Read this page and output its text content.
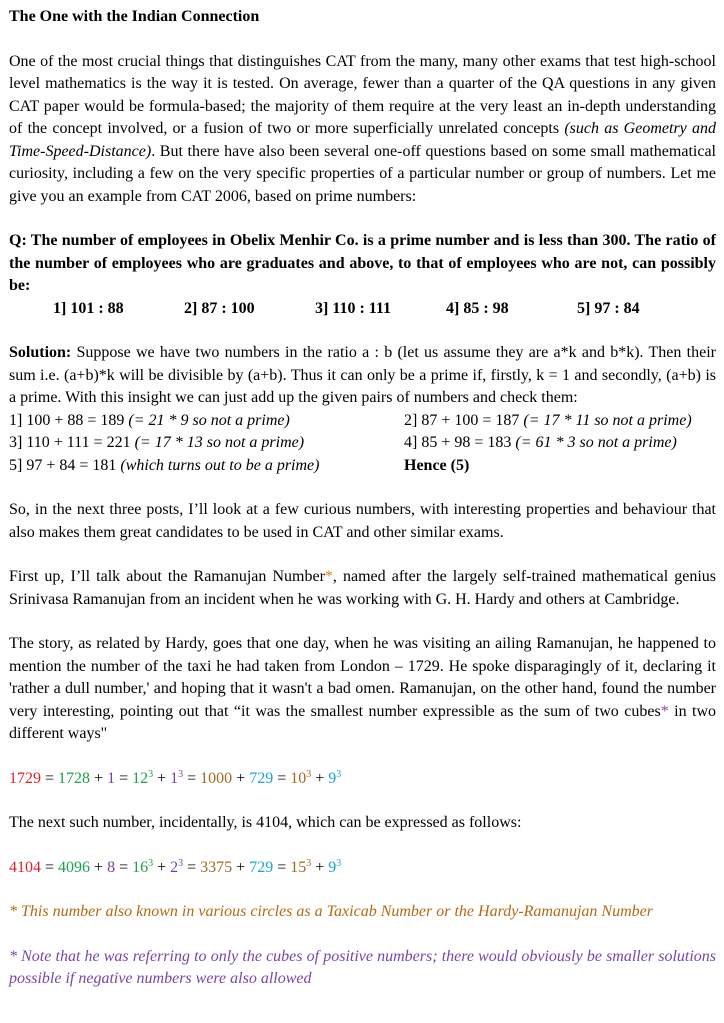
The One with the Indian Connection

One of the most crucial things that distinguishes CAT from the many, many other exams that test high-school level mathematics is the way it is tested. On average, fewer than a quarter of the QA questions in any given CAT paper would be formula-based; the majority of them require at the very least an in-depth understanding of the concept involved, or a fusion of two or more superficially unrelated concepts (such as Geometry and Time-Speed-Distance). But there have also been several one-off questions based on some small mathematical curiosity, including a few on the very specific properties of a particular number or group of numbers. Let me give you an example from CAT 2006, based on prime numbers:

Q: The number of employees in Obelix Menhir Co. is a prime number and is less than 300. The ratio of the number of employees who are graduates and above, to that of employees who are not, can possibly be:

1] 101 : 88	2] 87 : 100	3] 110 : 111	4] 85 : 98	5] 97 : 84

Solution: Suppose we have two numbers in the ratio a : b (let us assume they are a*k and b*k). Then their sum i.e. (a+b)*k will be divisible by (a+b). Thus it can only be a prime if, firstly, k = 1 and secondly, (a+b) is a prime. With this insight we can just add up the given pairs of numbers and check them:

1] 100 + 88 = 189 (= 21 * 9 so not a prime)	2] 87 + 100 = 187 (= 17 * 11 so not a prime)
3] 110 + 111 = 221 (= 17 * 13 so not a prime)	4] 85 + 98 = 183 (= 61 * 3 so not a prime)
5] 97 + 84 = 181 (which turns out to be a prime)	Hence (5)

So, in the next three posts, I’ll look at a few curious numbers, with interesting properties and behaviour that also makes them great candidates to be used in CAT and other similar exams.

First up, I’ll talk about the Ramanujan Number*, named after the largely self-trained mathematical genius Srinivasa Ramanujan from an incident when he was working with G. H. Hardy and others at Cambridge.

The story, as related by Hardy, goes that one day, when he was visiting an ailing Ramanujan, he happened to mention the number of the taxi he had taken from London – 1729. He spoke disparagingly of it, declaring it 'rather a dull number,' and hoping that it wasn't a bad omen. Ramanujan, on the other hand, found the number very interesting, pointing out that “it was the smallest number expressible as the sum of two cubes* in two different ways"

$1729 = 1728 + 1 = 12^3 + 1^3 = 1000 + 729 = 10^3 + 9^3$

The next such number, incidentally, is 4104, which can be expressed as follows:

$4104 = 4096 + 8 = 16^3 + 2^3 = 3375 + 729 = 15^3 + 9^3$

* This number also known in various circles as a Taxicab Number or the Hardy-Ramanujan Number

* Note that he was referring to only the cubes of positive numbers; there would obviously be smaller solutions possible if negative numbers were also allowed
